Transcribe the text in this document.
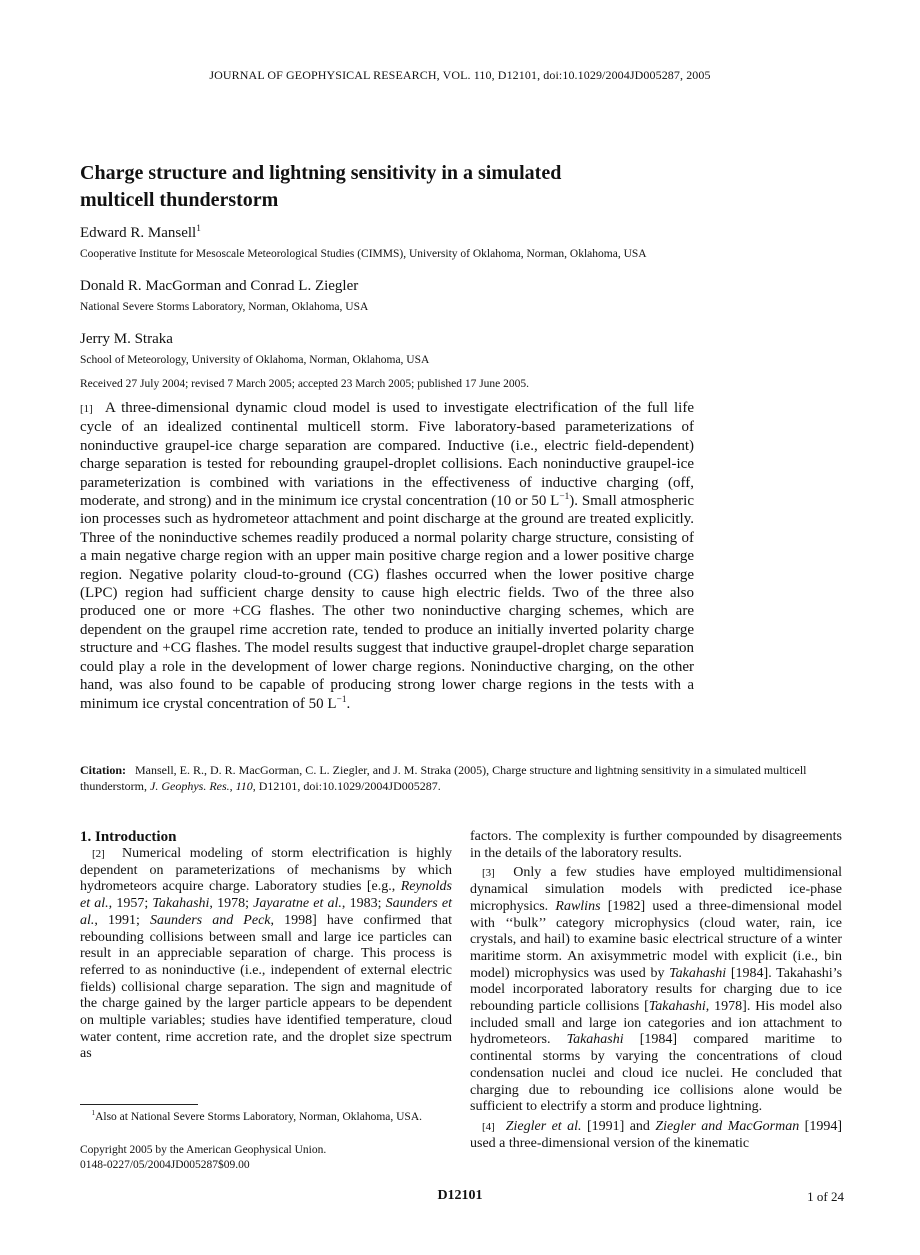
JOURNAL OF GEOPHYSICAL RESEARCH, VOL. 110, D12101, doi:10.1029/2004JD005287, 2005
Charge structure and lightning sensitivity in a simulated multicell thunderstorm
Edward R. Mansell$^1$
Cooperative Institute for Mesoscale Meteorological Studies (CIMMS), University of Oklahoma, Norman, Oklahoma, USA
Donald R. MacGorman and Conrad L. Ziegler
National Severe Storms Laboratory, Norman, Oklahoma, USA
Jerry M. Straka
School of Meteorology, University of Oklahoma, Norman, Oklahoma, USA
Received 27 July 2004; revised 7 March 2005; accepted 23 March 2005; published 17 June 2005.

[1] A three-dimensional dynamic cloud model is used to investigate electrification of the full life cycle of an idealized continental multicell storm. Five laboratory-based parameterizations of noninductive graupel-ice charge separation are compared. Inductive (i.e., electric field-dependent) charge separation is tested for rebounding graupel-droplet collisions. Each noninductive graupel-ice parameterization is combined with variations in the effectiveness of inductive charging (off, moderate, and strong) and in the minimum ice crystal concentration (10 or 50 $L^{-1}$). Small atmospheric ion processes such as hydrometeor attachment and point discharge at the ground are treated explicitly. Three of the noninductive schemes readily produced a normal polarity charge structure, consisting of a main negative charge region with an upper main positive charge region and a lower positive charge region. Negative polarity cloud-to-ground (CG) flashes occurred when the lower positive charge (LPC) region had sufficient charge density to cause high electric fields. Two of the three also produced one or more +CG flashes. The other two noninductive charging schemes, which are dependent on the graupel rime accretion rate, tended to produce an initially inverted polarity charge structure and +CG flashes. The model results suggest that inductive graupel-droplet charge separation could play a role in the development of lower charge regions. Noninductive charging, on the other hand, was also found to be capable of producing strong lower charge regions in the tests with a minimum ice crystal concentration of 50 $L^{-1}$.

Citation: Mansell, E. R., D. R. MacGorman, C. L. Ziegler, and J. M. Straka (2005), Charge structure and lightning sensitivity in a simulated multicell thunderstorm, J. Geophys. Res., 110, D12101, doi:10.1029/2004JD005287.

1. Introduction

[2] Numerical modeling of storm electrification is highly dependent on parameterizations of mechanisms by which hydrometeors acquire charge. Laboratory studies [e.g., Reynolds et al., 1957; Takahashi, 1978; Jayaratne et al., 1983; Saunders et al., 1991; Saunders and Peck, 1998] have confirmed that rebounding collisions between small and large ice particles can result in an appreciable separation of charge. This process is referred to as noninductive (i.e., independent of external electric fields) collisional charge separation. The sign and magnitude of the charge gained by the larger particle appears to be dependent on multiple variables; studies have identified temperature, cloud water content, rime accretion rate, and the droplet size spectrum as

$^1$Also at National Severe Storms Laboratory, Norman, Oklahoma, USA.
Copyright 2005 by the American Geophysical Union.
0148-0227/05/2004JD005287$09.00

factors. The complexity is further compounded by disagreements in the details of the laboratory results.

[3] Only a few studies have employed multidimensional dynamical simulation models with predicted ice-phase microphysics. Rawlins [1982] used a three-dimensional model with ‘‘bulk’’ category microphysics (cloud water, rain, ice crystals, and hail) to examine basic electrical structure of a winter maritime storm. An axisymmetric model with explicit (i.e., bin model) microphysics was used by Takahashi [1984]. Takahashi’s model incorporated laboratory results for charging due to ice rebounding particle collisions [Takahashi, 1978]. His model also included small and large ion categories and ion attachment to hydrometeors. Takahashi [1984] compared maritime to continental storms by varying the concentrations of cloud condensation nuclei and cloud ice nuclei. He concluded that charging due to rebounding ice collisions alone would be sufficient to electrify a storm and produce lightning.

[4] Ziegler et al. [1991] and Ziegler and MacGorman [1994] used a three-dimensional version of the kinematic

D12101	1 of 24
